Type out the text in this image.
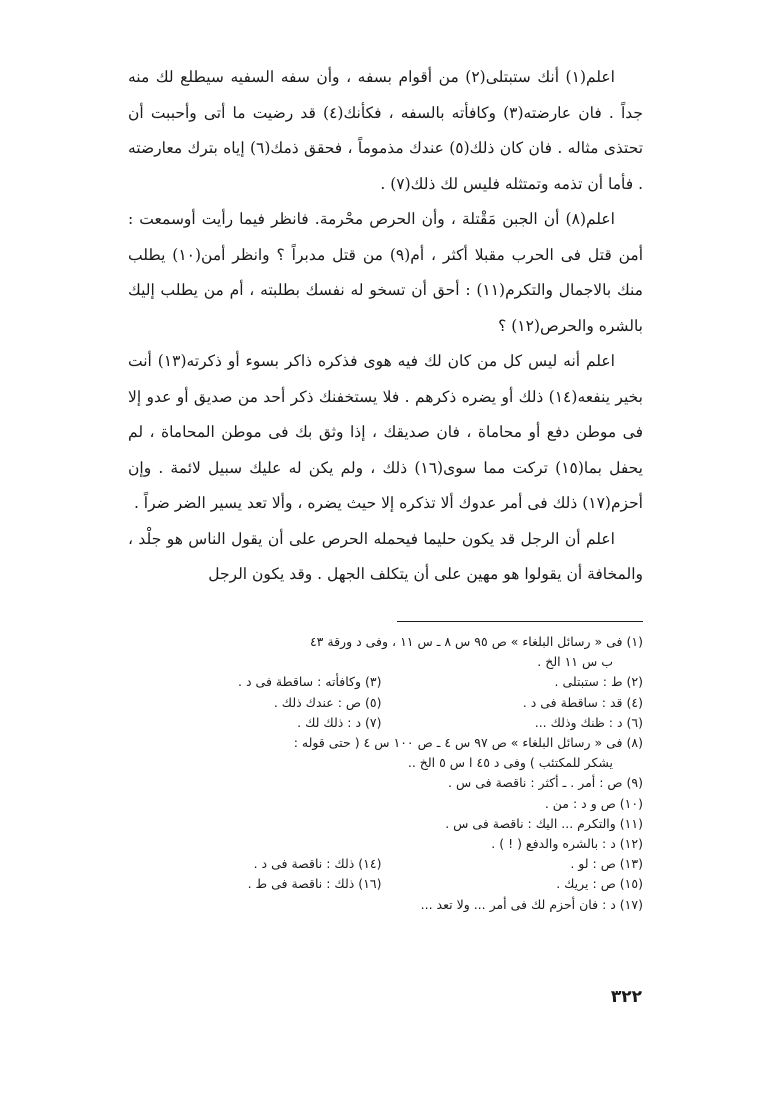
اعلم(١) أنك ستبتلى(٢) من أقوام بسفه ، وأن سفه السفيه سيطلع لك منه جداً . فان عارضته(٣) وكافأته بالسفه ، فكأنك(٤) قد رضيت ما أتى وأحببت أن تحتذى مثاله . فان كان ذلك(٥) عندك مذموماً ، فحقق ذمك(٦) إياه بترك معارضته . فأما أن تذمه وتمتثله فليس لك ذلك(٧) .

اعلم(٨) أن الجبن مَقْتلة ، وأن الحرص محْرمة. فانظر فيما رأيت أوسمعت : أمن قتل فى الحرب مقبلا أكثر ، أم(٩) من قتل مدبراً ؟ وانظر أمن(١٠) يطلب منك بالاجمال والتكرم(١١) : أحق أن تسخو له نفسك بطلبته ، أم من يطلب إليك بالشره والحرص(١٢) ؟

اعلم أنه ليس كل من كان لك فيه هوى فذكره ذاكر بسوء أو ذكرته(١٣) أنت بخير ينفعه(١٤) ذلك أو يضره ذكرهم . فلا يستخفنك ذكر أحد من صديق أو عدو إلا فى موطن دفع أو محاماة ، فان صديقك ، إذا وثق بك فى موطن المحاماة ، لم يحفل بما(١٥) تركت مما سوى(١٦) ذلك ، ولم يكن له عليك سبيل لائمة . وإن أحزم(١٧) ذلك فى أمر عدوك ألا تذكره إلا حيث يضره ، وألا تعد يسير الضر ضراً .

اعلم أن الرجل قد يكون حليما فيحمله الحرص على أن يقول الناس هو جلْد ، والمخافة أن يقولوا هو مهين على أن يتكلف الجهل . وقد يكون الرجل

(١) فى « رسائل البلغاء » ص ٩٥ س ٨ ـ س ١١ ، وفى د ورقة ٤٣
ب س ١١ الخ .
(٢) ط : ستبتلى .
(٣) وكافأته : ساقطة فى د .
(٤) قد : ساقطة فى د .
(٥) ص : عندك ذلك .
(٦) د : ظنك وذلك ...
(٧) د : ذلك لك .
(٨) فى « رسائل البلغاء » ص ٩٧ س ٤ ـ ص ١٠٠ س ٤ ( حتى قوله :
يشكر للمكتئب ) وفى د ٤٥ ا س ٥ الخ ..
(٩) ص : أمر . ـ أكثر : ناقصة فى س .
(١٠) ص و د : من .
(١١) والتكرم ... اليك : ناقصة فى س .
(١٢) د : بالشره والدفع ( ! ) .
(١٣) ص : لو .
(١٤) ذلك : ناقصة فى د .
(١٥) ص : يريك .
(١٦) ذلك : ناقصة فى ط .
(١٧) د : فان أحزم لك فى أمر ... ولا تعد ...
٣٢٢
